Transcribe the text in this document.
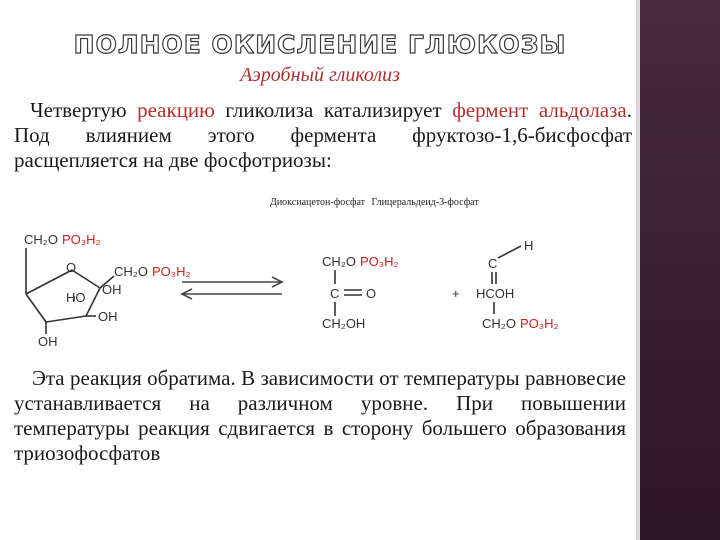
ПОЛНОЕ ОКИСЛЕНИЕ ГЛЮКОЗЫ
Аэробный гликолиз
Четвертую реакцию гликолиза катализирует фермент альдолаза. Под влиянием этого фермента фруктозо-1,6-бисфосфат расщепляется на две фосфотриозы:
Диоксиацетон-фосфат Глицеральдеид-3-фосфат
CH₂O PO₃H₂
O	CH₂O PO₃H₂
OH
HO
OH
OH
CH₂O PO₃H₂
C O
CH₂OH
+
H
C
O
HCOH
CH₂O PO₃H₂
Эта реакция обратима. В зависимости от температуры равновесие устанавливается на различном уровне. При повышении температуры реакция сдвигается в сторону большего образования триозофосфатов
